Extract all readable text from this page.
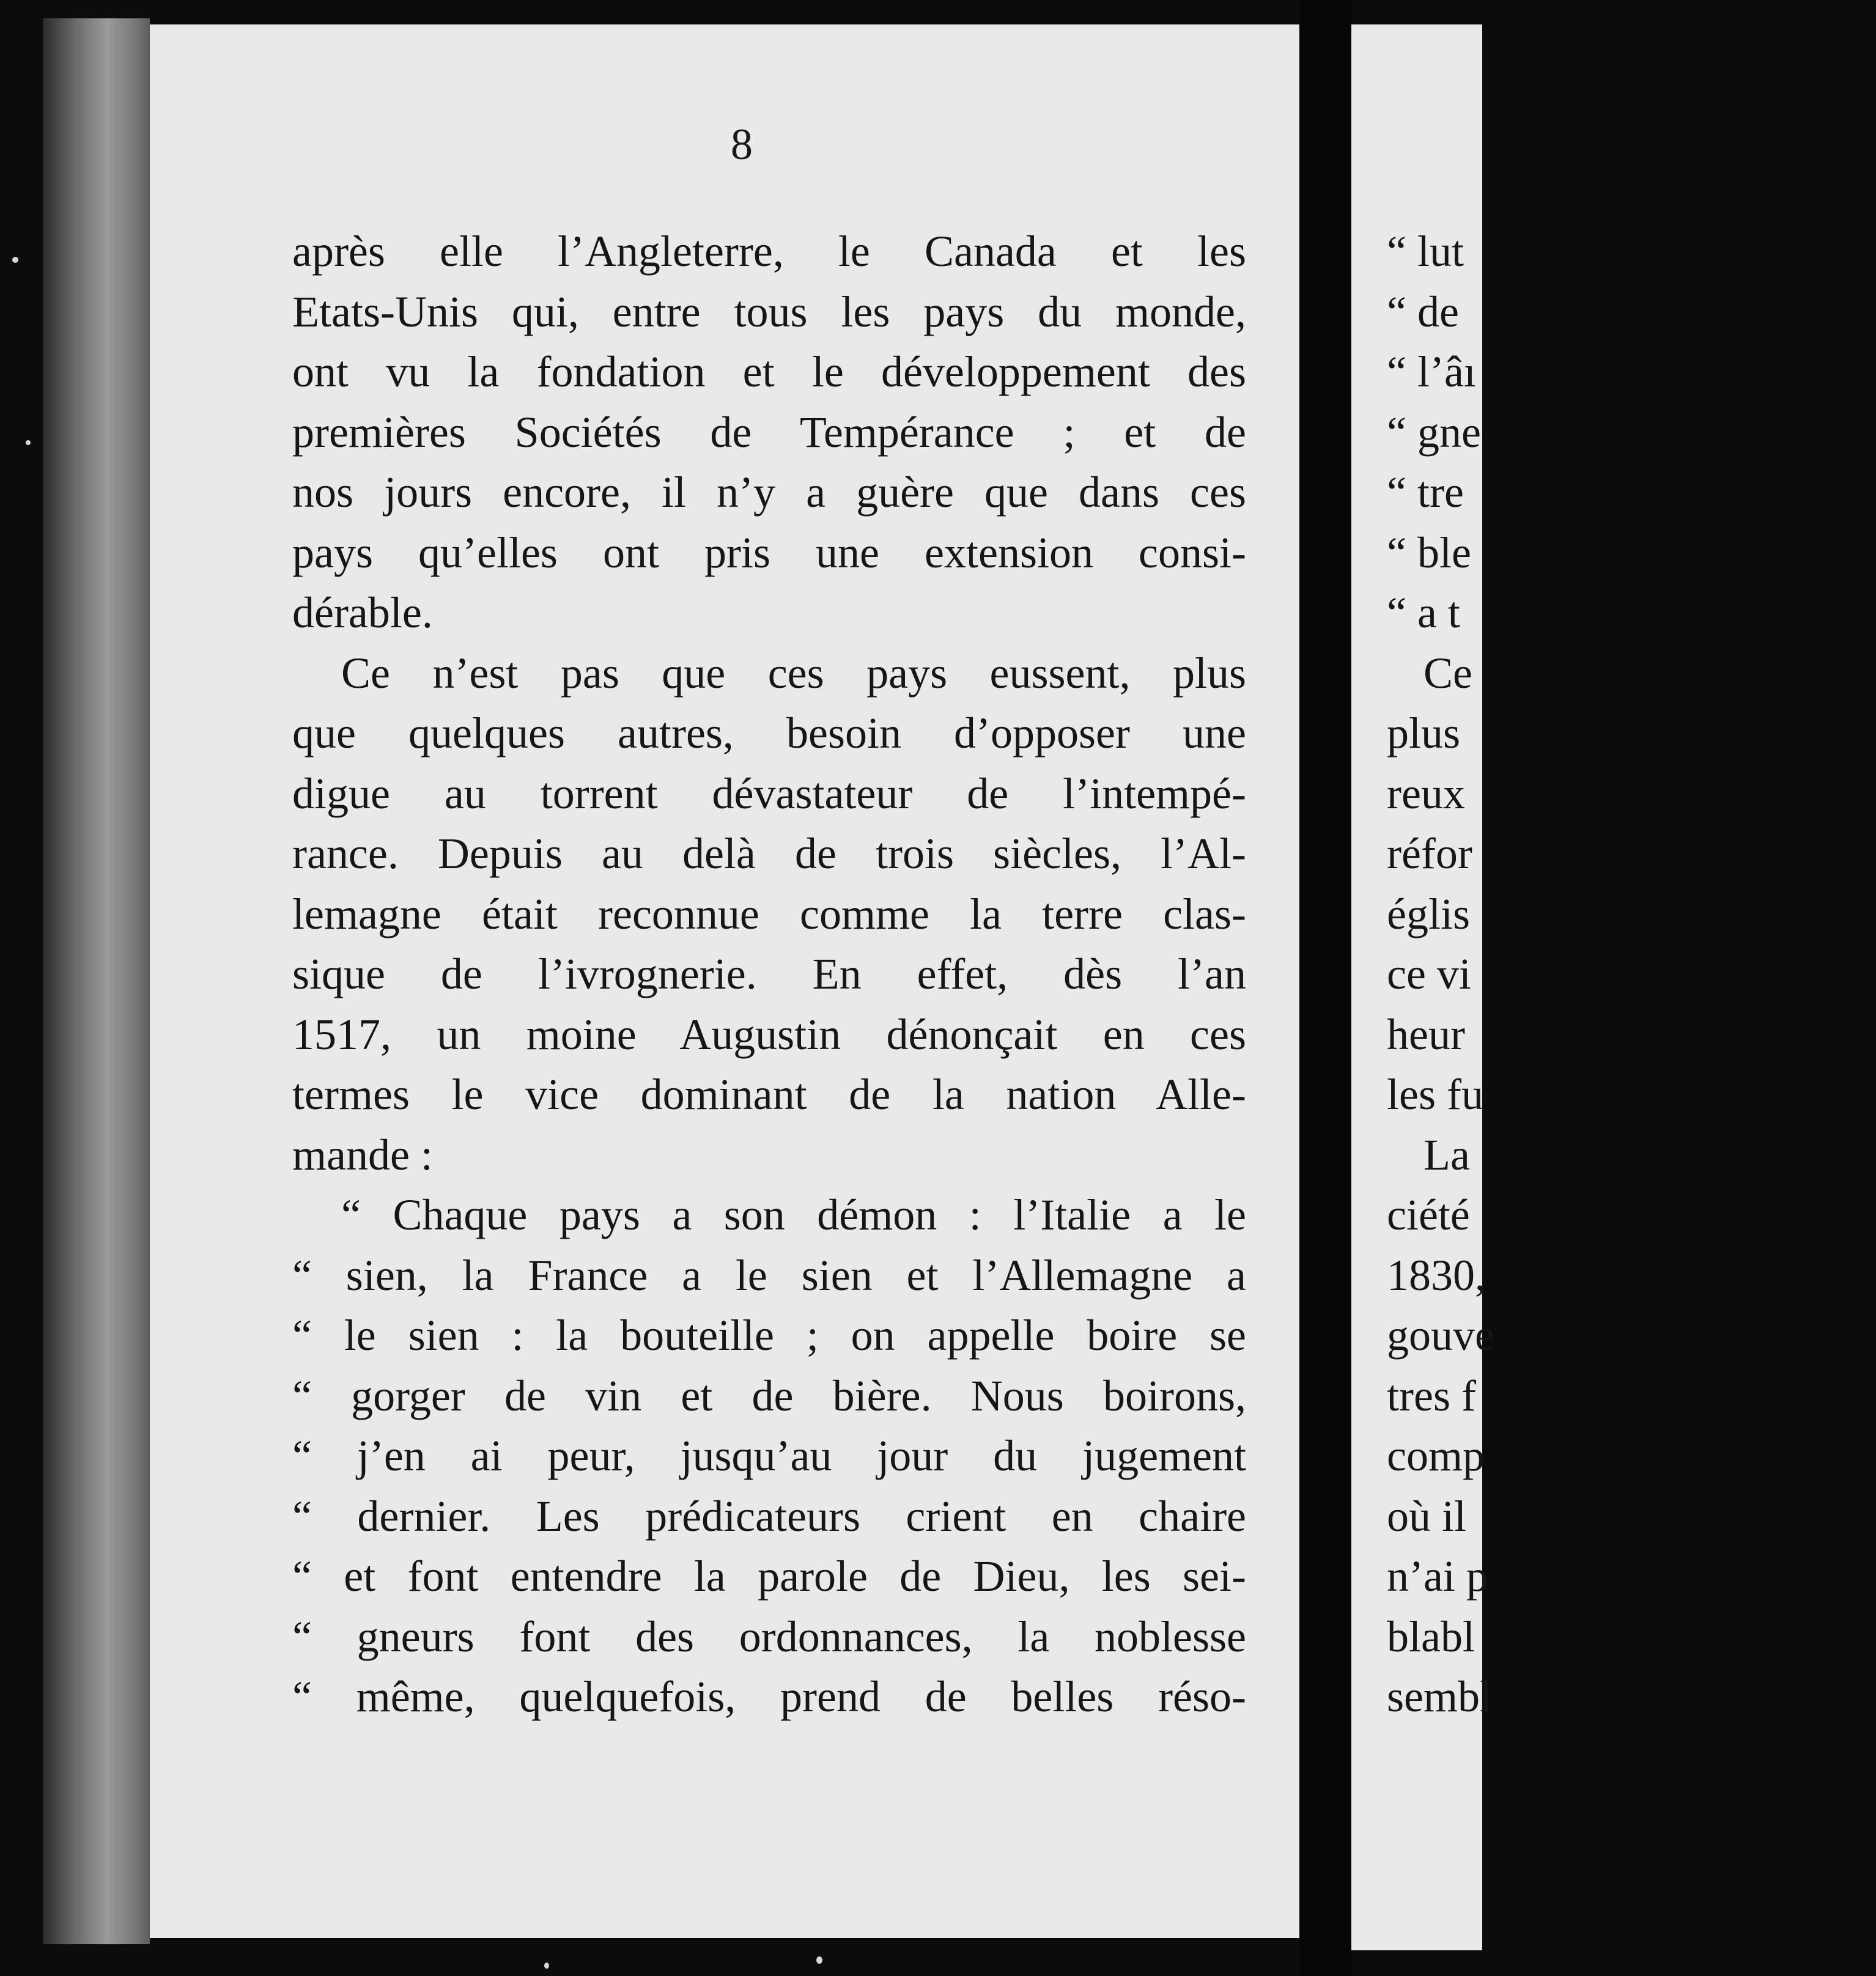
8
après elle l’Angleterre, le Canada et les
Etats-Unis qui, entre tous les pays du monde,
ont vu la fondation et le développement des
premières Sociétés de Tempérance ; et de
nos jours encore, il n’y a guère que dans ces
pays qu’elles ont pris une extension consi-
dérable.
Ce n’est pas que ces pays eussent, plus
que quelques autres, besoin d’opposer une
digue au torrent dévastateur de l’intempé-
rance. Depuis au delà de trois siècles, l’Al-
lemagne était reconnue comme la terre clas-
sique de l’ivrognerie. En effet, dès l’an
1517, un moine Augustin dénonçait en ces
termes le vice dominant de la nation Alle-
mande :
“ Chaque pays a son démon : l’Italie a le
“ sien, la France a le sien et l’Allemagne a
“ le sien : la bouteille ; on appelle boire se
“ gorger de vin et de bière. Nous boirons,
“ j’en ai peur, jusqu’au jour du jugement
“ dernier. Les prédicateurs crient en chaire
“ et font entendre la parole de Dieu, les sei-
“ gneurs font des ordonnances, la noblesse
“ même, quelquefois, prend de belles réso-
“ lut
“ de
“ l’âı
“ gne
“ tre
“ ble
“ a t
Ce
plus
reux
réfor
églis
ce vi
heur
les fu
La
ciété
1830,
gouve
tres f
comp
où il
n’ai p
blabl
sembl
